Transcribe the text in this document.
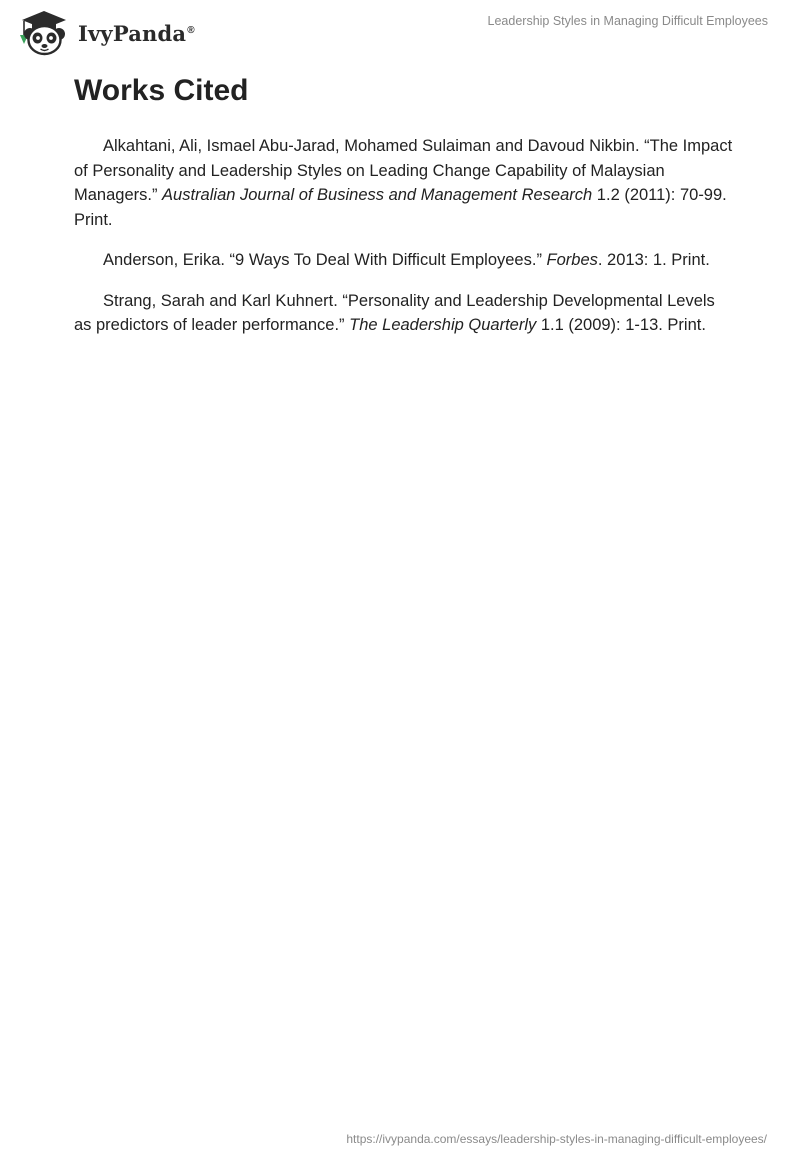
IvyPanda®
Leadership Styles in Managing Difficult Employees
Works Cited

Alkahtani, Ali, Ismael Abu-Jarad, Mohamed Sulaiman and Davoud Nikbin. “The Impact of Personality and Leadership Styles on Leading Change Capability of Malaysian Managers.” Australian Journal of Business and Management Research 1.2 (2011): 70-99. Print.

Anderson, Erika. “9 Ways To Deal With Difficult Employees.” Forbes. 2013: 1. Print.

Strang, Sarah and Karl Kuhnert. “Personality and Leadership Developmental Levels as predictors of leader performance.” The Leadership Quarterly 1.1 (2009): 1-13. Print.

https://ivypanda.com/essays/leadership-styles-in-managing-difficult-employees/
